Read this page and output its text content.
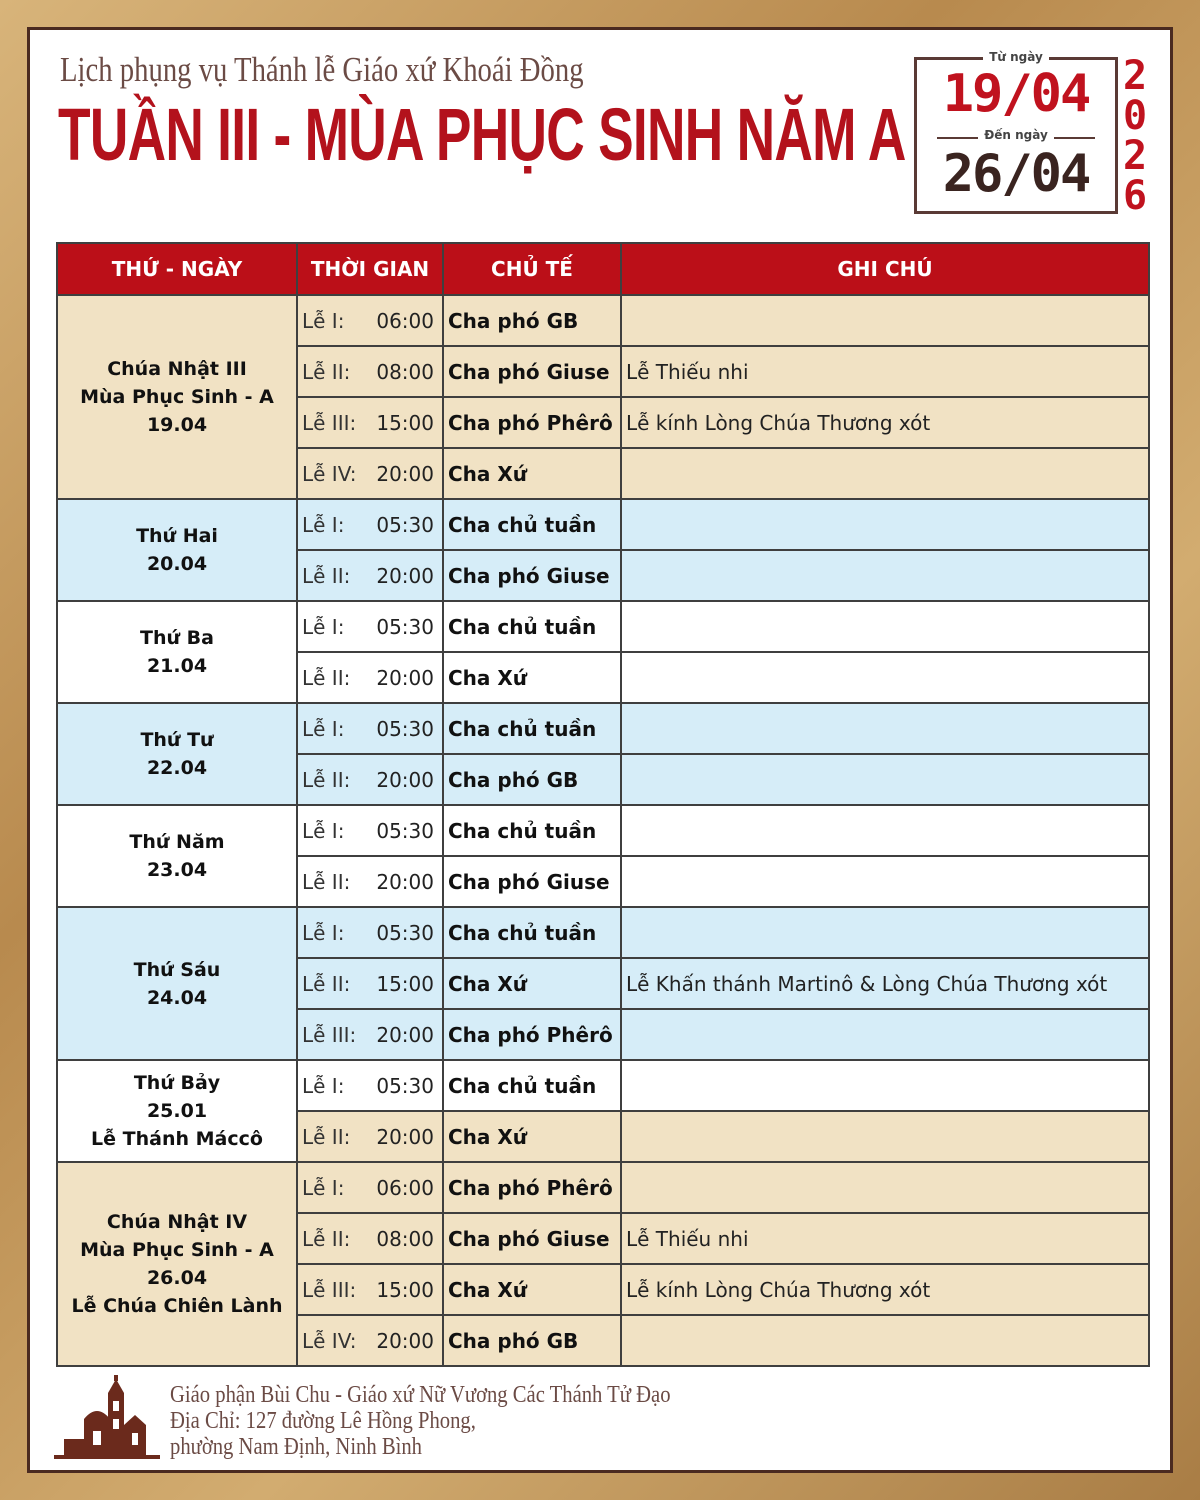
Lịch phụng vụ Thánh lễ Giáo xứ Khoái Đồng
TUẦN III - MÙA PHỤC SINH NĂM A
Từ ngày
19/04
Đến ngày
26/04
2
0
2
6
THỨ - NGÀY	THỜI GIAN	CHỦ TẾ	GHI CHÚ

Chúa Nhật III
Mùa Phục Sinh - A
19.04	Lễ I: 06:00	Cha phó GB	
	Lễ II: 08:00	Cha phó Giuse	Lễ Thiếu nhi
	Lễ III: 15:00	Cha phó Phêrô	Lễ kính Lòng Chúa Thương xót
	Lễ IV: 20:00	Cha Xứ	

Thứ Hai
20.04	Lễ I: 05:30	Cha chủ tuần	
	Lễ II: 20:00	Cha phó Giuse	

Thứ Ba
21.04	Lễ I: 05:30	Cha chủ tuần	
	Lễ II: 20:00	Cha Xứ	

Thứ Tư
22.04	Lễ I: 05:30	Cha chủ tuần	
	Lễ II: 20:00	Cha phó GB	

Thứ Năm
23.04	Lễ I: 05:30	Cha chủ tuần	
	Lễ II: 20:00	Cha phó Giuse	

Thứ Sáu
24.04	Lễ I: 05:30	Cha chủ tuần	
	Lễ II: 15:00	Cha Xứ	Lễ Khấn thánh Martinô & Lòng Chúa Thương xót
	Lễ III: 20:00	Cha phó Phêrô	

Thứ Bảy
25.01
Lễ Thánh Máccô	Lễ I: 05:30	Cha chủ tuần	
	Lễ II: 20:00	Cha Xứ	

Chúa Nhật IV
Mùa Phục Sinh - A
26.04
Lễ Chúa Chiên Lành	Lễ I: 06:00	Cha phó Phêrô	
	Lễ II: 08:00	Cha phó Giuse	Lễ Thiếu nhi
	Lễ III: 15:00	Cha Xứ	Lễ kính Lòng Chúa Thương xót
	Lễ IV: 20:00	Cha phó GB	
Giáo phận Bùi Chu - Giáo xứ Nữ Vương Các Thánh Tử Đạo
Địa Chỉ: 127 đường Lê Hồng Phong,
phường Nam Định, Ninh Bình
